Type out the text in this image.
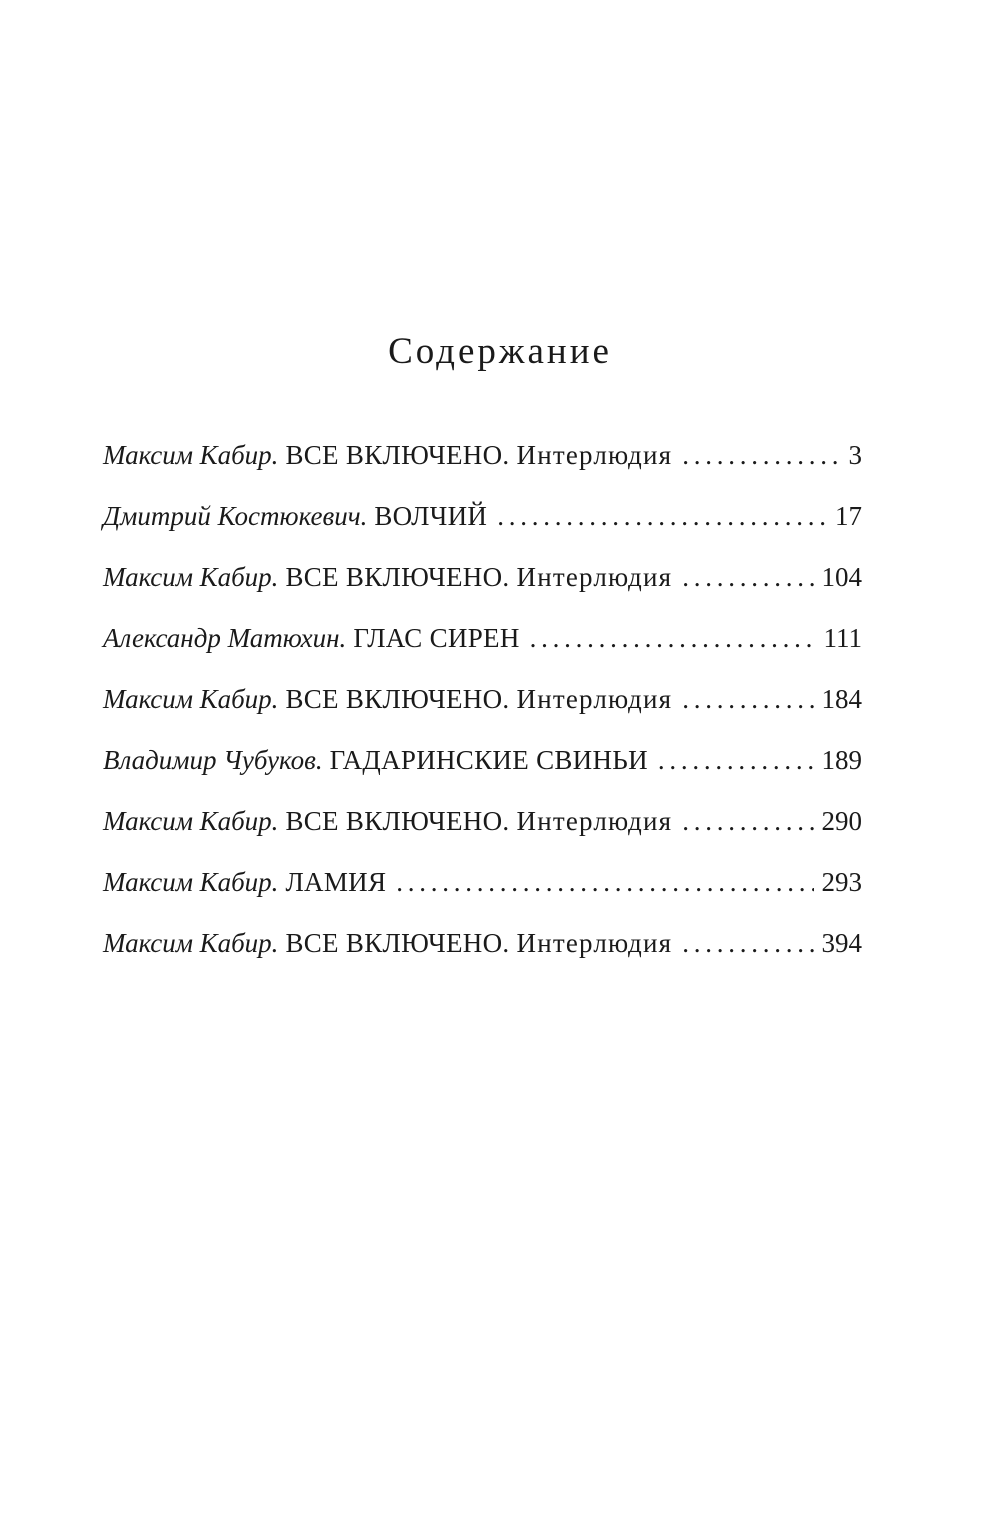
Содержание
Максим Кабир. ВСЕ ВКЛЮЧЕНО. Интерлюдия . . .	3
Дмитрий Костюкевич. ВОЛЧИЙ . . .	17
Максим Кабир. ВСЕ ВКЛЮЧЕНО. Интерлюдия . . .	104
Александр Матюхин. ГЛАС СИРЕН . . .	111
Максим Кабир. ВСЕ ВКЛЮЧЕНО. Интерлюдия . . .	184
Владимир Чубуков. ГАДАРИНСКИЕ СВИНЬИ . . .	189
Максим Кабир. ВСЕ ВКЛЮЧЕНО. Интерлюдия . . .	290
Максим Кабир. ЛАМИЯ . . .	293
Максим Кабир. ВСЕ ВКЛЮЧЕНО. Интерлюдия . . .	394
